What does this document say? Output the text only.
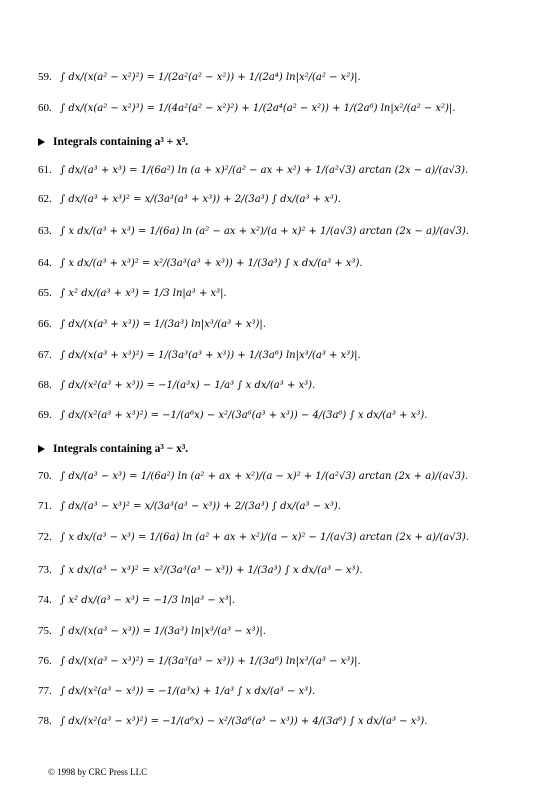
59. ∫ dx/(x(a² − x²)²) = 1/(2a²(a² − x²)) + 1/(2a⁴) ln|x²/(a² − x²)|.
60. ∫ dx/(x(a² − x²)³) = 1/(4a²(a² − x²)²) + 1/(2a⁴(a² − x²)) + 1/(2a⁶) ln|x²/(a² − x²)|.
Integrals containing a³ + x³.
61. ∫ dx/(a³ + x³) = 1/(6a²) ln (a + x)²/(a² − ax + x²) + 1/(a²√3) arctan (2x − a)/(a√3).
62. ∫ dx/(a³ + x³)² = x/(3a³(a³ + x³)) + 2/(3a³) ∫ dx/(a³ + x³).
63. ∫ x dx/(a³ + x³) = 1/(6a) ln (a² − ax + x²)/(a + x)² + 1/(a√3) arctan (2x − a)/(a√3).
64. ∫ x dx/(a³ + x³)² = x²/(3a³(a³ + x³)) + 1/(3a³) ∫ x dx/(a³ + x³).
65. ∫ x² dx/(a³ + x³) = 1/3 ln|a³ + x³|.
66. ∫ dx/(x(a³ + x³)) = 1/(3a³) ln|x³/(a³ + x³)|.
67. ∫ dx/(x(a³ + x³)²) = 1/(3a³(a³ + x³)) + 1/(3a⁶) ln|x³/(a³ + x³)|.
68. ∫ dx/(x²(a³ + x³)) = −1/(a³x) − 1/a³ ∫ x dx/(a³ + x³).
69. ∫ dx/(x²(a³ + x³)²) = −1/(a⁶x) − x²/(3a⁶(a³ + x³)) − 4/(3a⁶) ∫ x dx/(a³ + x³).
Integrals containing a³ − x³.
70. ∫ dx/(a³ − x³) = 1/(6a²) ln (a² + ax + x²)/(a − x)² + 1/(a²√3) arctan (2x + a)/(a√3).
71. ∫ dx/(a³ − x³)² = x/(3a³(a³ − x³)) + 2/(3a³) ∫ dx/(a³ − x³).
72. ∫ x dx/(a³ − x³) = 1/(6a) ln (a² + ax + x²)/(a − x)² − 1/(a√3) arctan (2x + a)/(a√3).
73. ∫ x dx/(a³ − x³)² = x²/(3a³(a³ − x³)) + 1/(3a³) ∫ x dx/(a³ − x³).
74. ∫ x² dx/(a³ − x³) = −1/3 ln|a³ − x³|.
75. ∫ dx/(x(a³ − x³)) = 1/(3a³) ln|x³/(a³ − x³)|.
76. ∫ dx/(x(a³ − x³)²) = 1/(3a³(a³ − x³)) + 1/(3a⁶) ln|x³/(a³ − x³)|.
77. ∫ dx/(x²(a³ − x³)) = −1/(a³x) + 1/a³ ∫ x dx/(a³ − x³).
78. ∫ dx/(x²(a³ − x³)²) = −1/(a⁶x) − x²/(3a⁶(a³ − x³)) + 4/(3a⁶) ∫ x dx/(a³ − x³).
© 1998 by CRC Press LLC
